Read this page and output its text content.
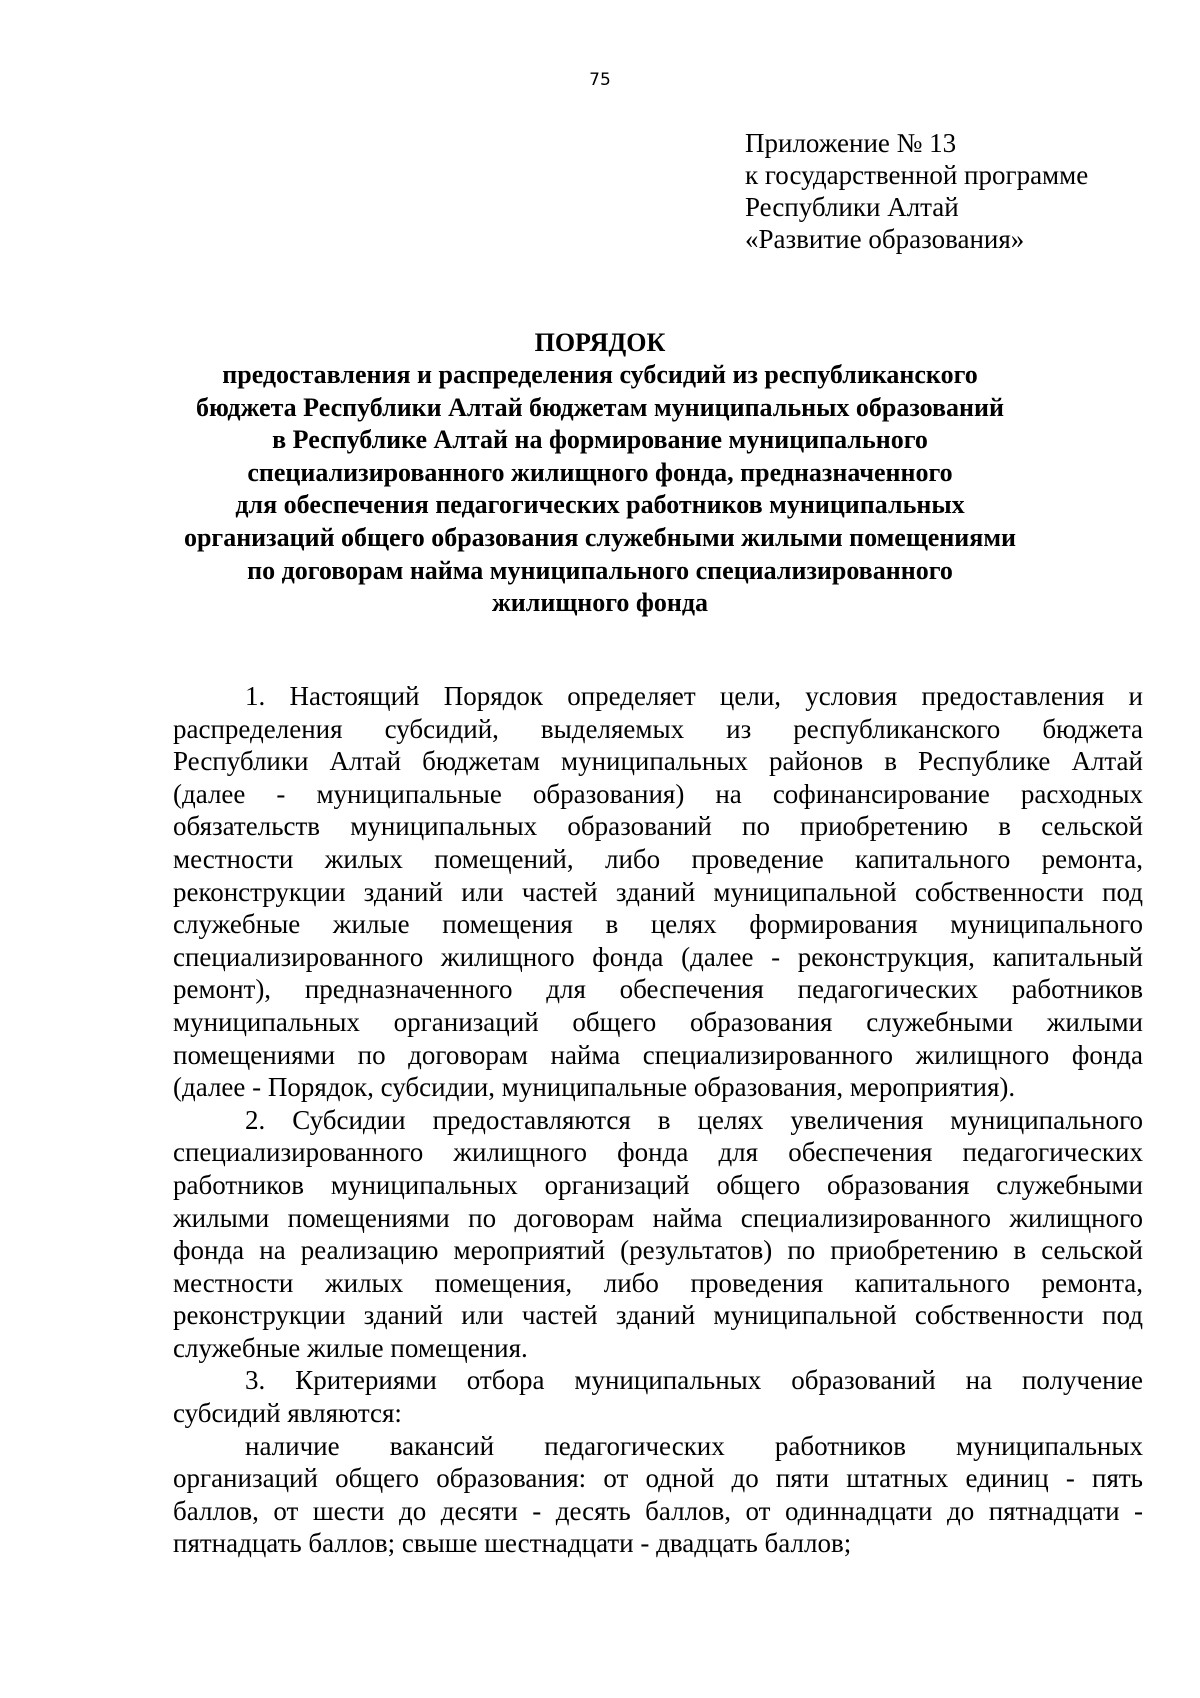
75
Приложение № 13
к государственной программе
Республики Алтай
«Развитие образования»
ПОРЯДОК
предоставления и распределения субсидий из республиканского
бюджета Республики Алтай бюджетам муниципальных образований
в Республике Алтай на формирование муниципального
специализированного жилищного фонда, предназначенного
для обеспечения педагогических работников муниципальных
организаций общего образования служебными жилыми помещениями
по договорам найма муниципального специализированного
жилищного фонда
1. Настоящий Порядок определяет цели, условия предоставления и
распределения субсидий, выделяемых из республиканского бюджета
Республики Алтай бюджетам муниципальных районов в Республике Алтай
(далее - муниципальные образования) на софинансирование расходных
обязательств муниципальных образований по приобретению в сельской
местности жилых помещений, либо проведение капитального ремонта,
реконструкции зданий или частей зданий муниципальной собственности под
служебные жилые помещения в целях формирования муниципального
специализированного жилищного фонда (далее - реконструкция, капитальный
ремонт), предназначенного для обеспечения педагогических работников
муниципальных организаций общего образования служебными жилыми
помещениями по договорам найма специализированного жилищного фонда
(далее - Порядок, субсидии, муниципальные образования, мероприятия).
2. Субсидии предоставляются в целях увеличения муниципального
специализированного жилищного фонда для обеспечения педагогических
работников муниципальных организаций общего образования служебными
жилыми помещениями по договорам найма специализированного жилищного
фонда на реализацию мероприятий (результатов) по приобретению в сельской
местности жилых помещения, либо проведения капитального ремонта,
реконструкции зданий или частей зданий муниципальной собственности под
служебные жилые помещения.
3. Критериями отбора муниципальных образований на получение
субсидий являются:
наличие вакансий педагогических работников муниципальных
организаций общего образования: от одной до пяти штатных единиц - пять
баллов, от шести до десяти - десять баллов, от одиннадцати до пятнадцати -
пятнадцать баллов; свыше шестнадцати - двадцать баллов;
